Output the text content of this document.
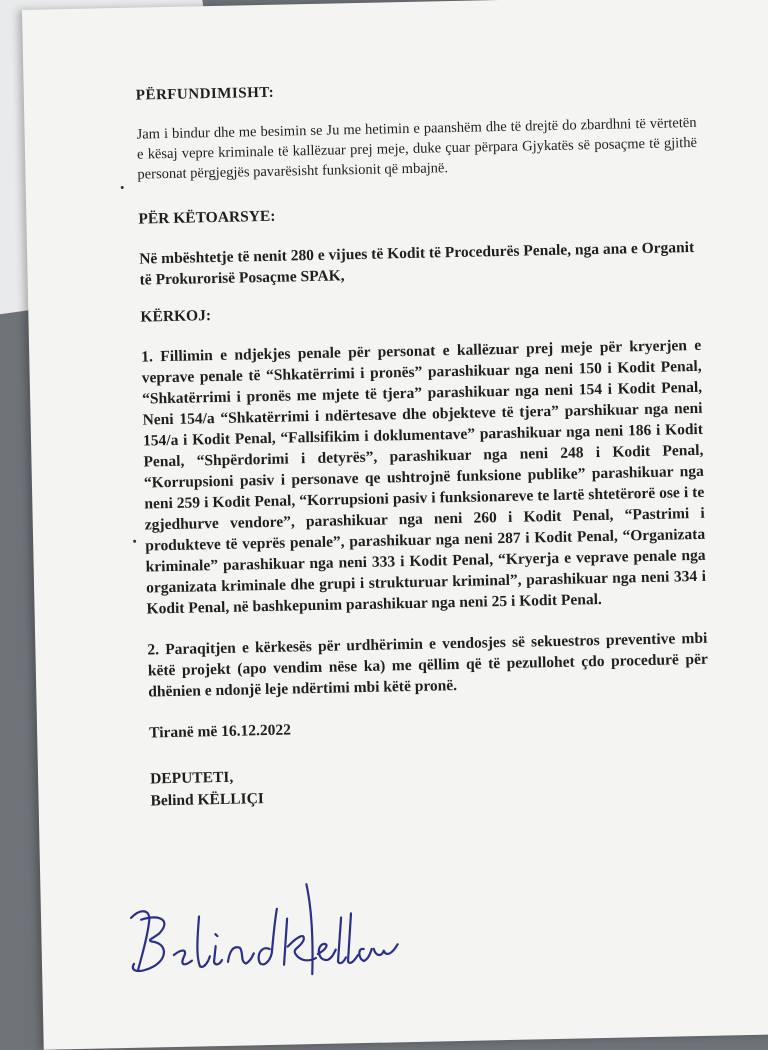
PËRFUNDIMISHT:

Jam i bindur dhe me besimin se Ju me hetimin e paanshëm dhe të drejtë do zbardhni të vërtetën e kësaj vepre kriminale të kallëzuar prej meje, duke çuar përpara Gjykatës së posaçme të gjithë personat përgjegjës pavarësisht funksionit që mbajnë.

PËR KËTOARSYE:

Në mbështetje të nenit 280 e vijues të Kodit të Procedurës Penale, nga ana e Organit të Prokurorisë Posaçme SPAK,

KËRKOJ:

1. Fillimin e ndjekjes penale për personat e kallëzuar prej meje për kryerjen e veprave penale të “Shkatërrimi i pronës” parashikuar nga neni 150 i Kodit Penal, “Shkatërrimi i pronës me mjete të tjera” parashikuar nga neni 154 i Kodit Penal, Neni 154/a “Shkatërrimi i ndërtesave dhe objekteve të tjera” parshikuar nga neni 154/a i Kodit Penal, “Fallsifikim i doklumentave” parashikuar nga neni 186 i Kodit Penal, “Shpërdorimi i detyrës”, parashikuar nga neni 248 i Kodit Penal, “Korrupsioni pasiv i personave qe ushtrojnë funksione publike” parashikuar nga neni 259 i Kodit Penal, “Korrupsioni pasiv i funksionareve te lartë shtetërorë ose i te zgjedhurve vendore”, parashikuar nga neni 260 i Kodit Penal, “Pastrimi i produkteve të veprës penale”, parashikuar nga neni 287 i Kodit Penal, “Organizata kriminale” parashikuar nga neni 333 i Kodit Penal, “Kryerja e veprave penale nga organizata kriminale dhe grupi i strukturuar kriminal”, parashikuar nga neni 334 i Kodit Penal, në bashkepunim parashikuar nga neni 25 i Kodit Penal.

2. Paraqitjen e kërkesës për urdhërimin e vendosjes së sekuestros preventive mbi këtë projekt (apo vendim nëse ka) me qëllim që të pezullohet çdo procedurë për dhënien e ndonjë leje ndërtimi mbi këtë pronë.

Tiranë më 16.12.2022

DEPUTETI,

Belind KËLLIÇI
